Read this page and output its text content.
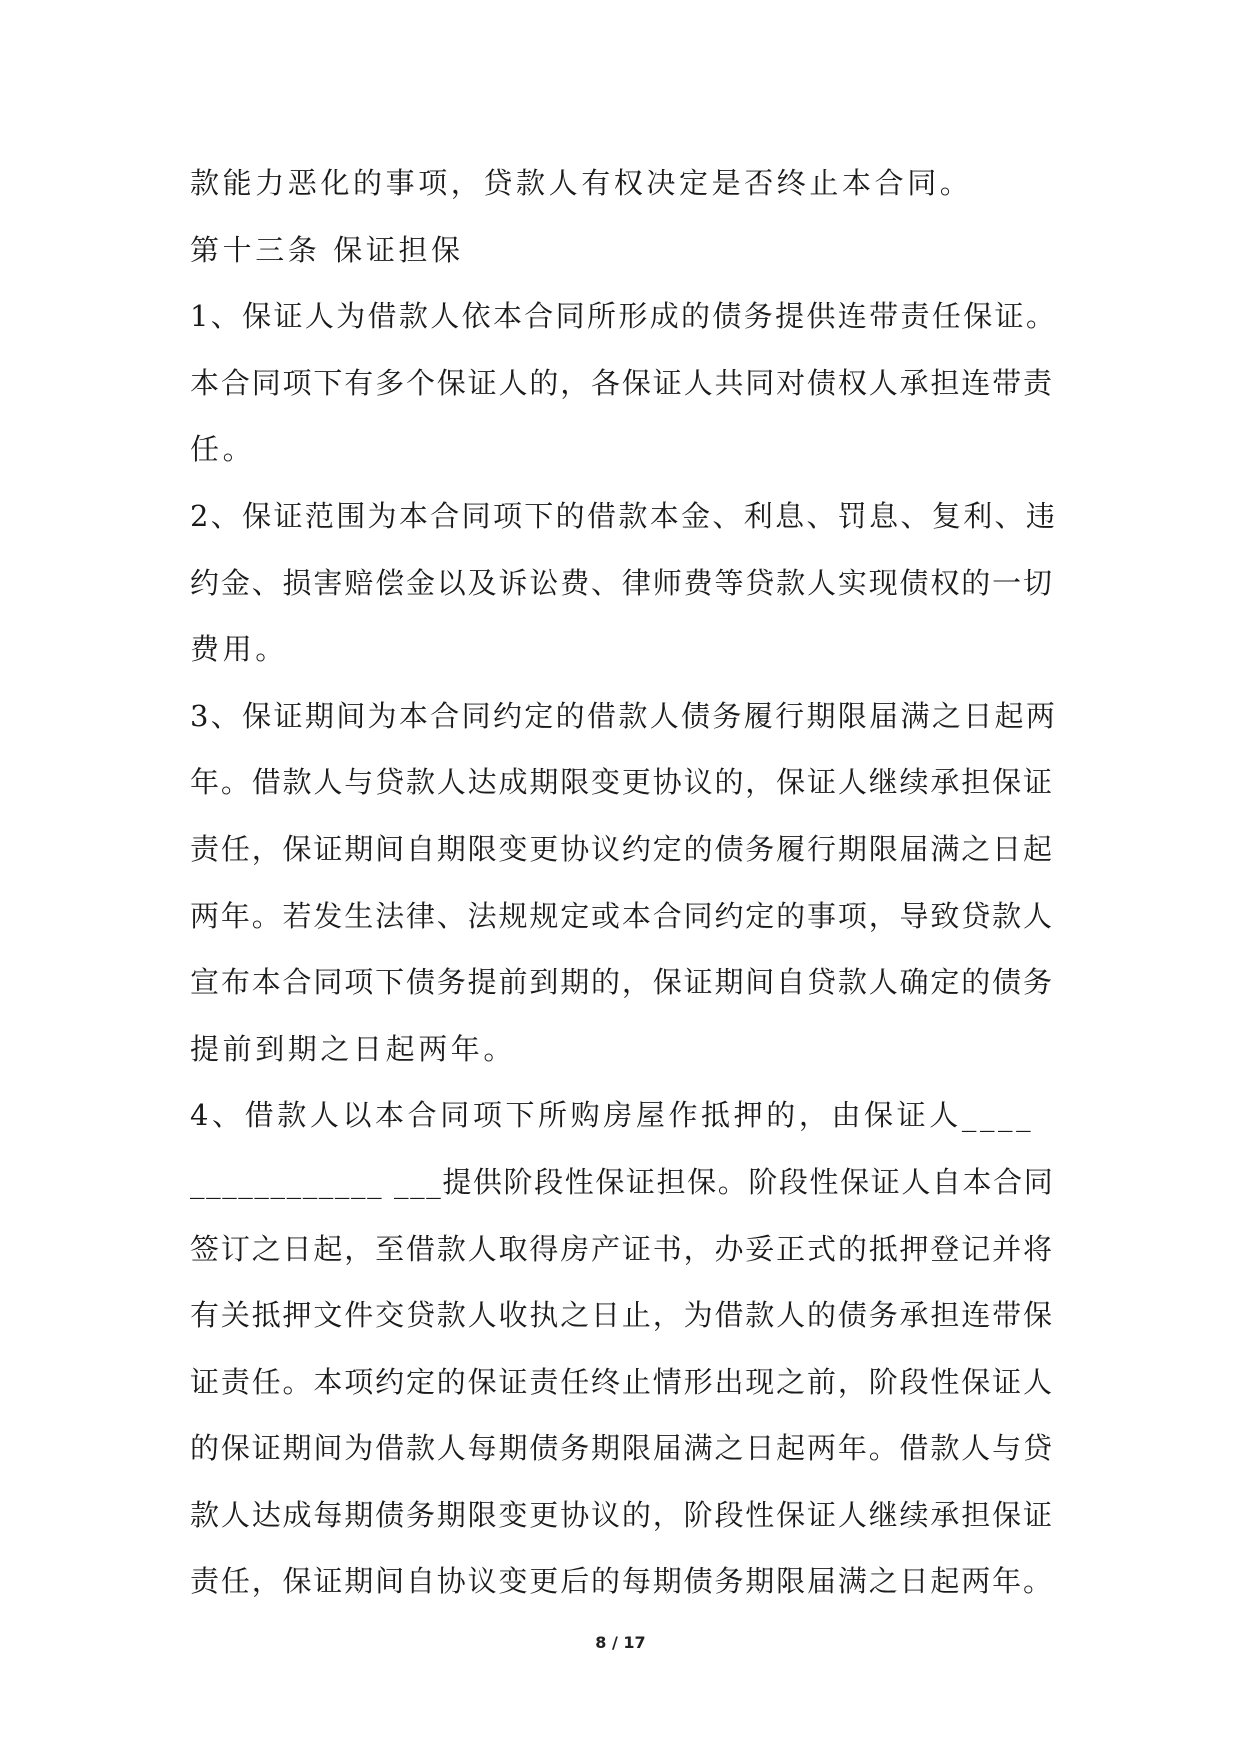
款能力恶化的事项，贷款人有权决定是否终止本合同。
第十三条 保证担保
1、保证人为借款人依本合同所形成的债务提供连带责任保证。
本合同项下有多个保证人的，各保证人共同对债权人承担连带责
任。
2、保证范围为本合同项下的借款本金、利息、罚息、复利、违
约金、损害赔偿金以及诉讼费、律师费等贷款人实现债权的一切
费用。
3、保证期间为本合同约定的借款人债务履行期限届满之日起两
年。借款人与贷款人达成期限变更协议的，保证人继续承担保证
责任，保证期间自期限变更协议约定的债务履行期限届满之日起
两年。若发生法律、法规规定或本合同约定的事项，导致贷款人
宣布本合同项下债务提前到期的，保证期间自贷款人确定的债务
提前到期之日起两年。
4、借款人以本合同项下所购房屋作抵押的，由保证人____
____________ ___提供阶段性保证担保。阶段性保证人自本合同
签订之日起，至借款人取得房产证书，办妥正式的抵押登记并将
有关抵押文件交贷款人收执之日止，为借款人的债务承担连带保
证责任。本项约定的保证责任终止情形出现之前，阶段性保证人
的保证期间为借款人每期债务期限届满之日起两年。借款人与贷
款人达成每期债务期限变更协议的，阶段性保证人继续承担保证
责任，保证期间自协议变更后的每期债务期限届满之日起两年。
8 / 17
